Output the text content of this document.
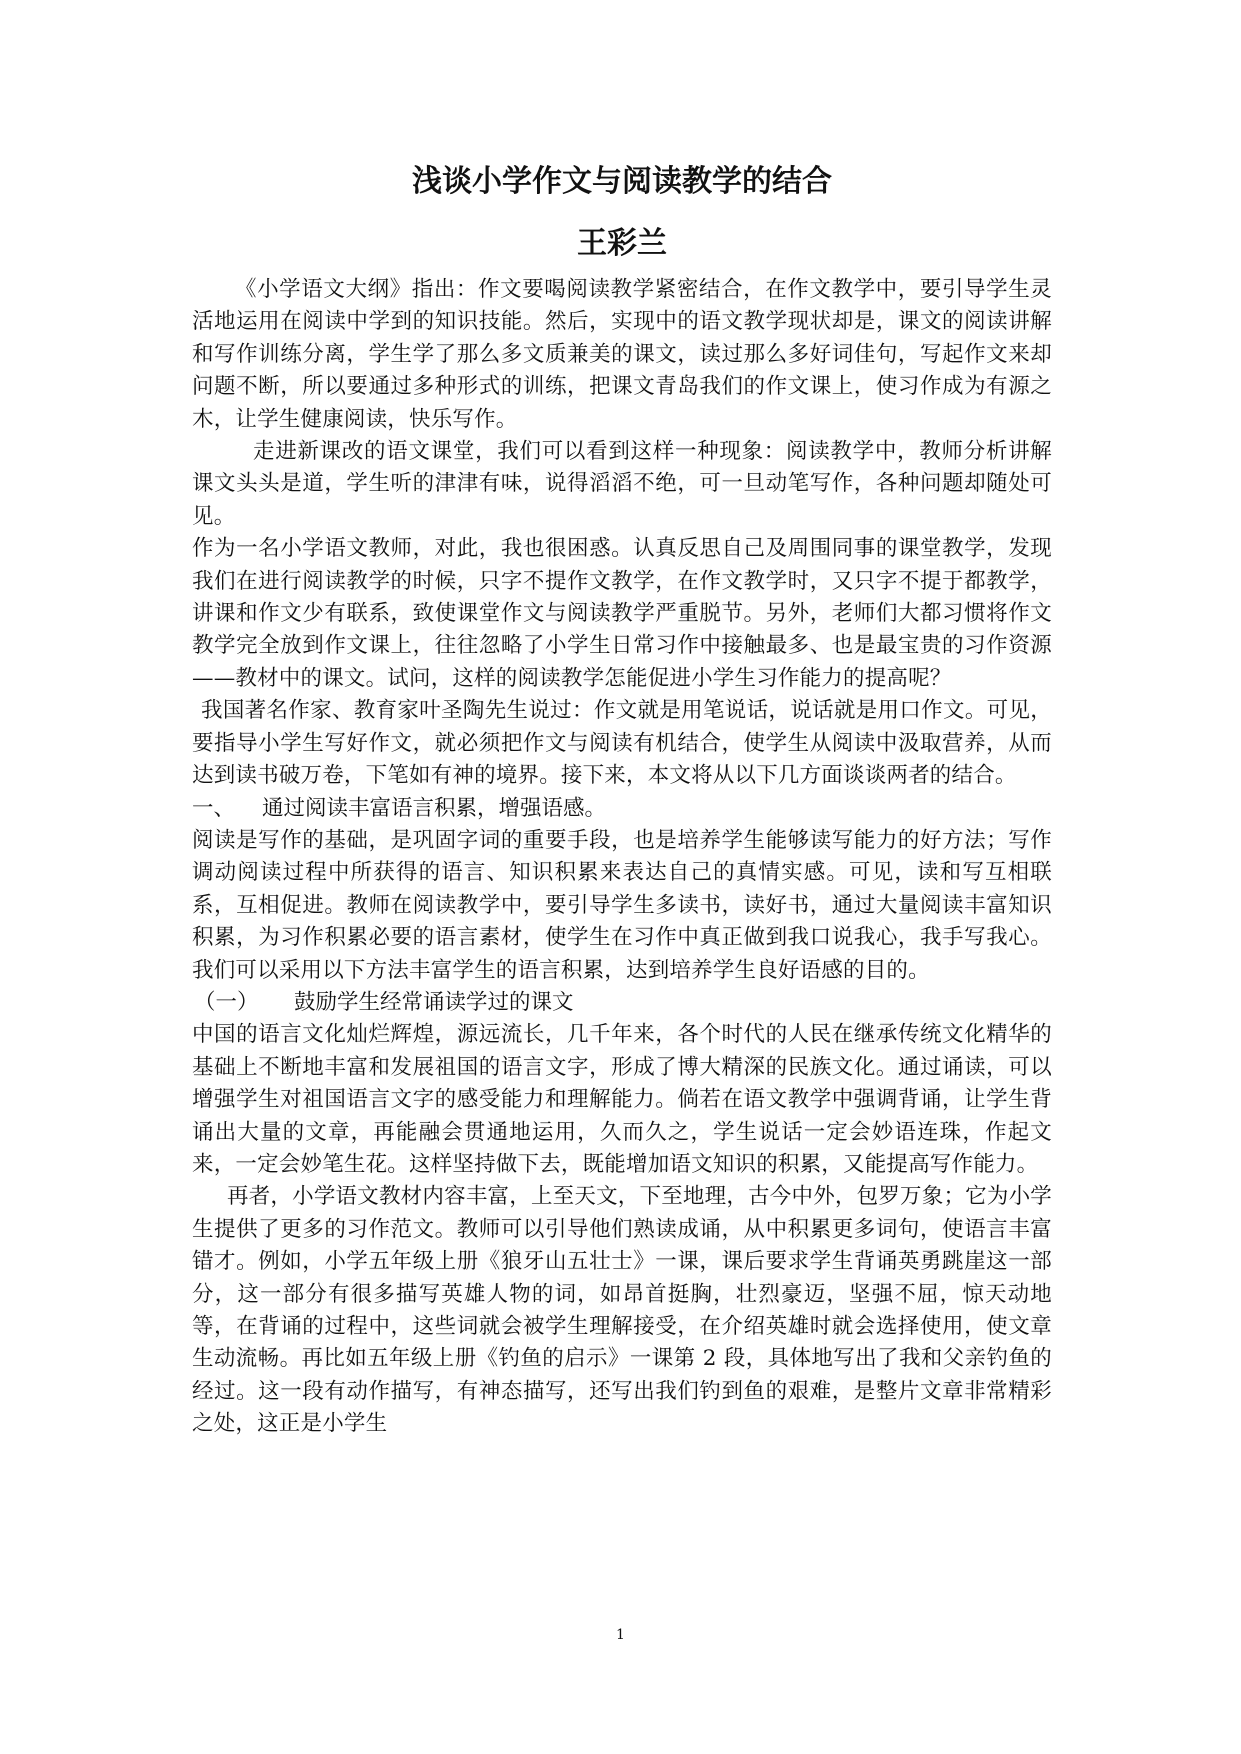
浅谈小学作文与阅读教学的结合
王彩兰

《小学语文大纲》指出：作文要喝阅读教学紧密结合，在作文教学中，要引导学生灵活地运用在阅读中学到的知识技能。然后，实现中的语文教学现状却是，课文的阅读讲解和写作训练分离，学生学了那么多文质兼美的课文，读过那么多好词佳句，写起作文来却问题不断，所以要通过多种形式的训练，把课文青岛我们的作文课上，使习作成为有源之木，让学生健康阅读，快乐写作。

走进新课改的语文课堂，我们可以看到这样一种现象：阅读教学中，教师分析讲解课文头头是道，学生听的津津有味，说得滔滔不绝，可一旦动笔写作，各种问题却随处可见。

作为一名小学语文教师，对此，我也很困惑。认真反思自己及周围同事的课堂教学，发现我们在进行阅读教学的时候，只字不提作文教学，在作文教学时，又只字不提于都教学，讲课和作文少有联系，致使课堂作文与阅读教学严重脱节。另外，老师们大都习惯将作文教学完全放到作文课上，往往忽略了小学生日常习作中接触最多、也是最宝贵的习作资源——教材中的课文。试问，这样的阅读教学怎能促进小学生习作能力的提高呢？

我国著名作家、教育家叶圣陶先生说过：作文就是用笔说话，说话就是用口作文。可见，要指导小学生写好作文，就必须把作文与阅读有机结合，使学生从阅读中汲取营养，从而达到读书破万卷，下笔如有神的境界。接下来，本文将从以下几方面谈谈两者的结合。

一、 通过阅读丰富语言积累，增强语感。

阅读是写作的基础，是巩固字词的重要手段，也是培养学生能够读写能力的好方法；写作调动阅读过程中所获得的语言、知识积累来表达自己的真情实感。可见，读和写互相联系，互相促进。教师在阅读教学中，要引导学生多读书，读好书，通过大量阅读丰富知识积累，为习作积累必要的语言素材，使学生在习作中真正做到我口说我心，我手写我心。我们可以采用以下方法丰富学生的语言积累，达到培养学生良好语感的目的。

（一） 鼓励学生经常诵读学过的课文

中国的语言文化灿烂辉煌，源远流长，几千年来，各个时代的人民在继承传统文化精华的基础上不断地丰富和发展祖国的语言文字，形成了博大精深的民族文化。通过诵读，可以增强学生对祖国语言文字的感受能力和理解能力。倘若在语文教学中强调背诵，让学生背诵出大量的文章，再能融会贯通地运用，久而久之，学生说话一定会妙语连珠，作起文来，一定会妙笔生花。这样坚持做下去，既能增加语文知识的积累，又能提高写作能力。

再者，小学语文教材内容丰富，上至天文，下至地理，古今中外，包罗万象；它为小学生提供了更多的习作范文。教师可以引导他们熟读成诵，从中积累更多词句，使语言丰富错才。例如，小学五年级上册《狼牙山五壮士》一课，课后要求学生背诵英勇跳崖这一部分，这一部分有很多描写英雄人物的词，如昂首挺胸，壮烈豪迈，坚强不屈，惊天动地等，在背诵的过程中，这些词就会被学生理解接受，在介绍英雄时就会选择使用，使文章生动流畅。再比如五年级上册《钓鱼的启示》一课第 2 段，具体地写出了我和父亲钓鱼的经过。这一段有动作描写，有神态描写，还写出我们钓到鱼的艰难，是整片文章非常精彩之处，这正是小学生

1
